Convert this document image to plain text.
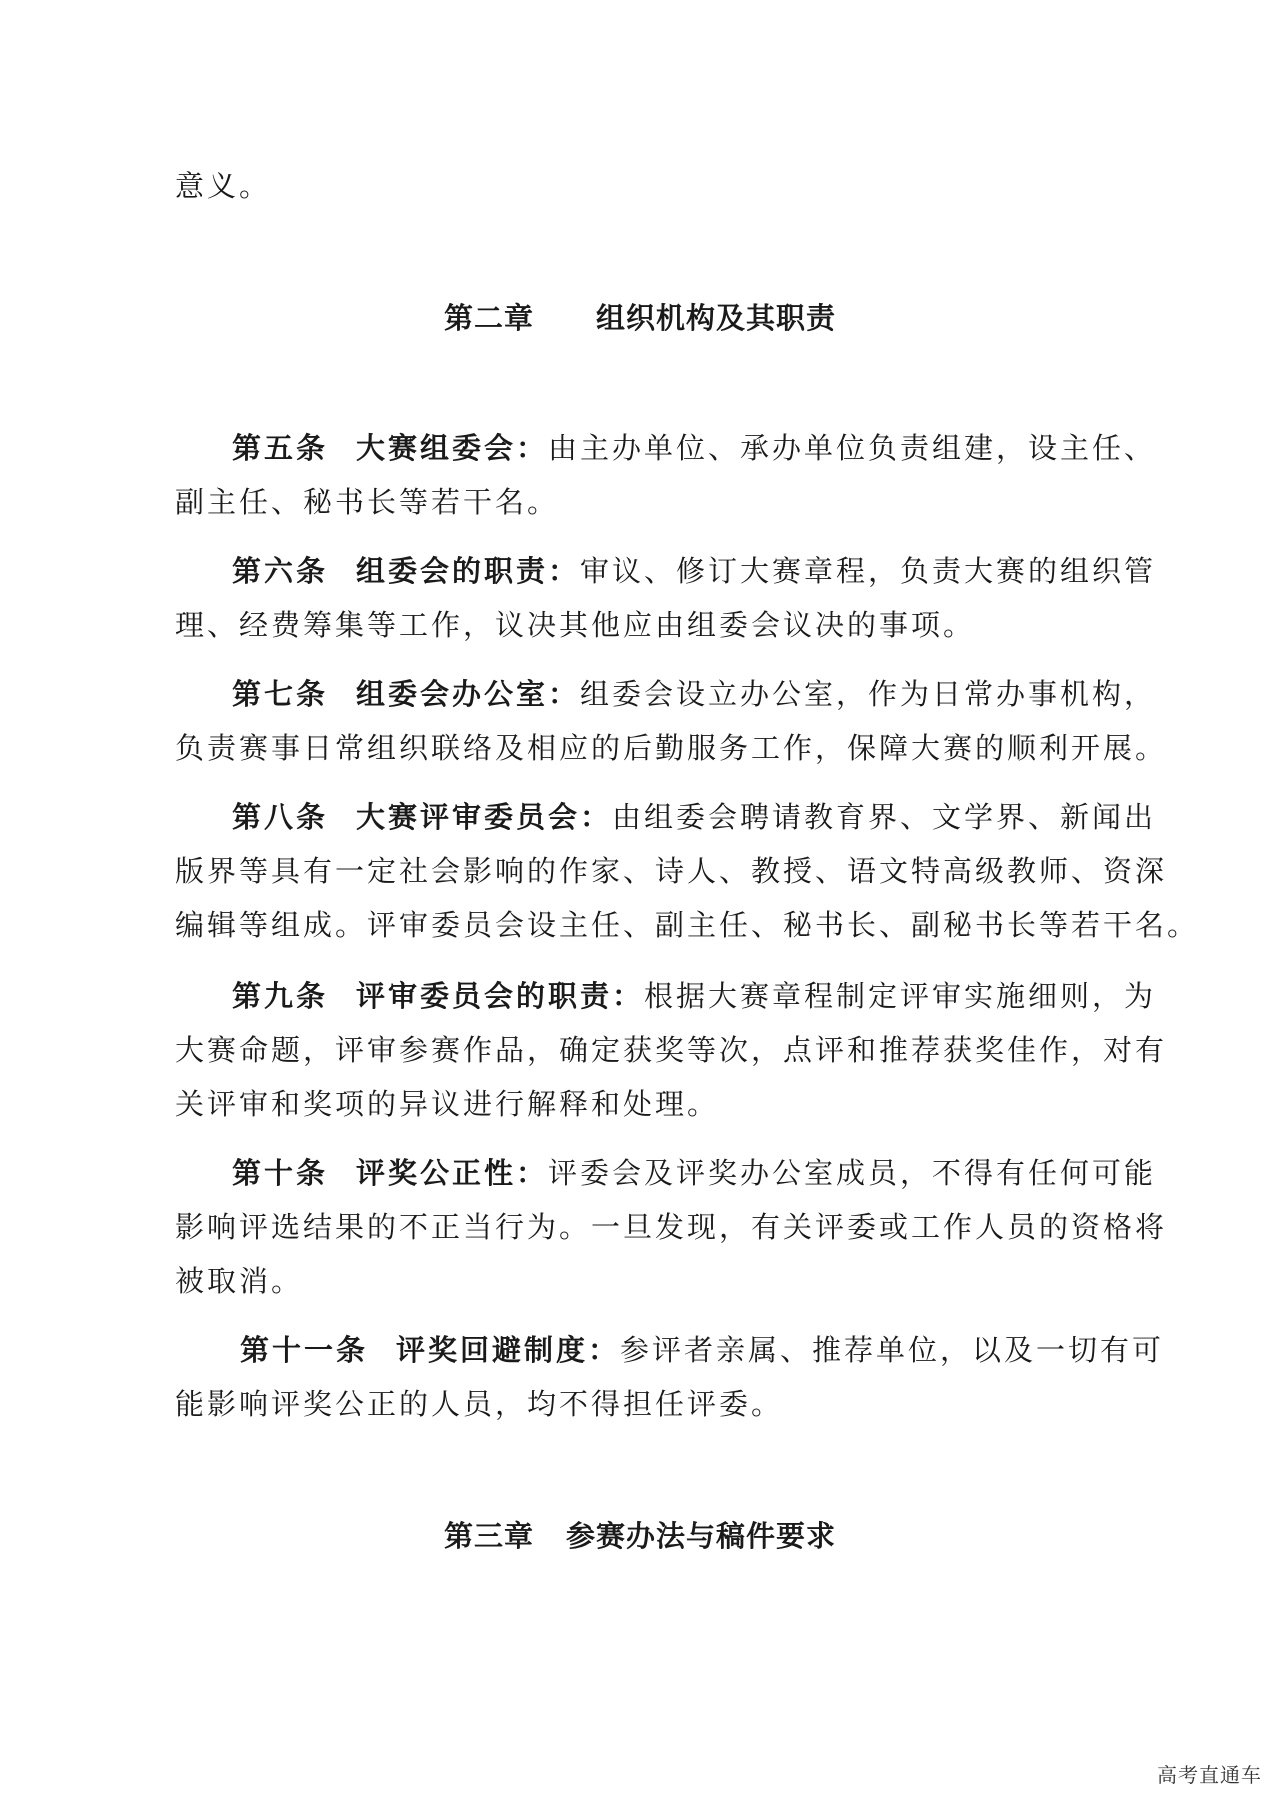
意义。
第二章 组织机构及其职责
第五条 大赛组委会：由主办单位、承办单位负责组建，设主任、
副主任、秘书长等若干名。
第六条 组委会的职责：审议、修订大赛章程，负责大赛的组织管
理、经费筹集等工作，议决其他应由组委会议决的事项。
第七条 组委会办公室：组委会设立办公室，作为日常办事机构，
负责赛事日常组织联络及相应的后勤服务工作，保障大赛的顺利开展。
第八条 大赛评审委员会：由组委会聘请教育界、文学界、新闻出
版界等具有一定社会影响的作家、诗人、教授、语文特高级教师、资深
编辑等组成。评审委员会设主任、副主任、秘书长、副秘书长等若干名。
第九条 评审委员会的职责：根据大赛章程制定评审实施细则，为
大赛命题，评审参赛作品，确定获奖等次，点评和推荐获奖佳作，对有
关评审和奖项的异议进行解释和处理。
第十条 评奖公正性：评委会及评奖办公室成员，不得有任何可能
影响评选结果的不正当行为。一旦发现，有关评委或工作人员的资格将
被取消。
第十一条 评奖回避制度：参评者亲属、推荐单位，以及一切有可
能影响评奖公正的人员，均不得担任评委。
第三章 参赛办法与稿件要求
高考直通车
